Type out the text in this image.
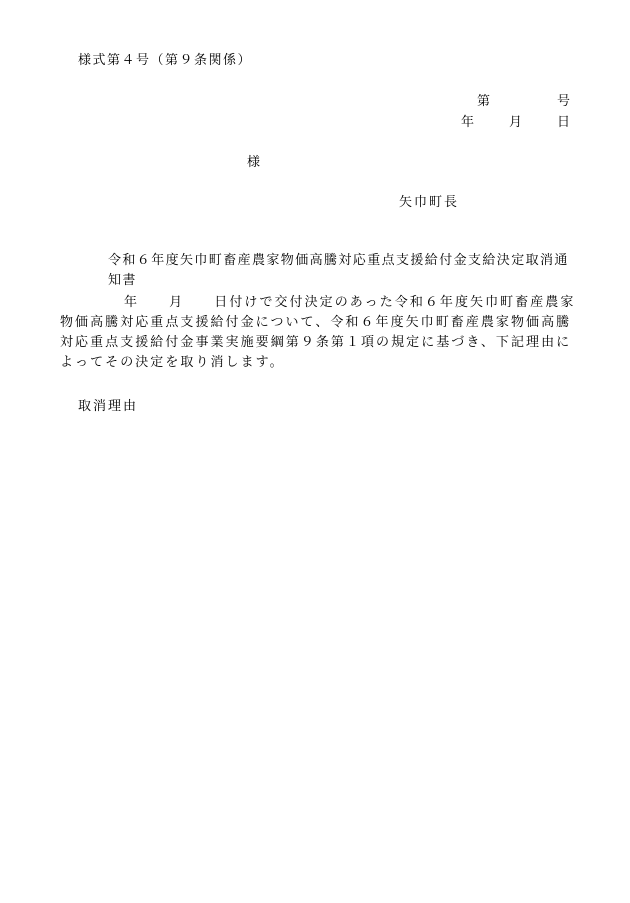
様式第４号（第９条関係）
第	号
年	月	日
様
矢巾町長
令和６年度矢巾町畜産農家物価高騰対応重点支援給付金支給決定取消通知書
年　　月　　日付けで交付決定のあった令和６年度矢巾町畜産農家物価高騰対応重点支援給付金について、令和６年度矢巾町畜産農家物価高騰対応重点支援給付金事業実施要綱第９条第１項の規定に基づき、下記理由によってその決定を取り消します。
取消理由
